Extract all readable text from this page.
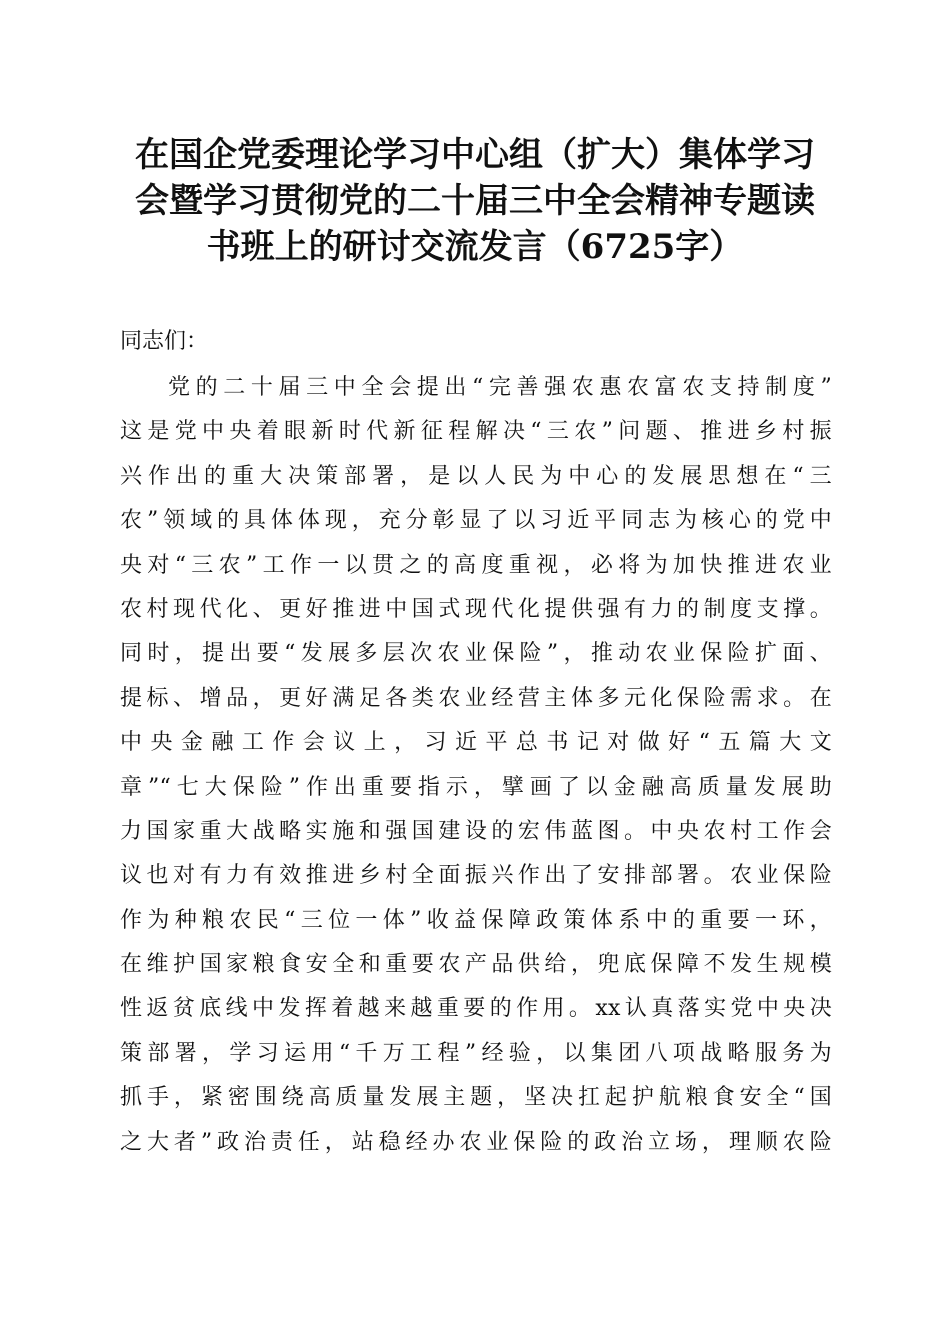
在国企党委理论学习中心组（扩大）集体学习
会暨学习贯彻党的二十届三中全会精神专题读
书班上的研讨交流发言（6725字）

同志们：

党的二十届三中全会提出“完善强农惠农富农支持制度”
这是党中央着眼新时代新征程解决“三农”问题、推进乡村振
兴作出的重大决策部署，是以人民为中心的发展思想在“三
农”领域的具体体现，充分彰显了以习近平同志为核心的党中
央对“三农”工作一以贯之的高度重视，必将为加快推进农业
农村现代化、更好推进中国式现代化提供强有力的制度支撑。
同时，提出要“发展多层次农业保险”，推动农业保险扩面、
提标、增品，更好满足各类农业经营主体多元化保险需求。在
中央金融工作会议上，习近平总书记对做好“五篇大文
章”“七大保险”作出重要指示，擘画了以金融高质量发展助
力国家重大战略实施和强国建设的宏伟蓝图。中央农村工作会
议也对有力有效推进乡村全面振兴作出了安排部署。农业保险
作为种粮农民“三位一体”收益保障政策体系中的重要一环，
在维护国家粮食安全和重要农产品供给，兜底保障不发生规模
性返贫底线中发挥着越来越重要的作用。xx认真落实党中央决
策部署，学习运用“千万工程”经验，以集团八项战略服务为
抓手，紧密围绕高质量发展主题，坚决扛起护航粮食安全“国
之大者”政治责任，站稳经办农业保险的政治立场，理顺农险
